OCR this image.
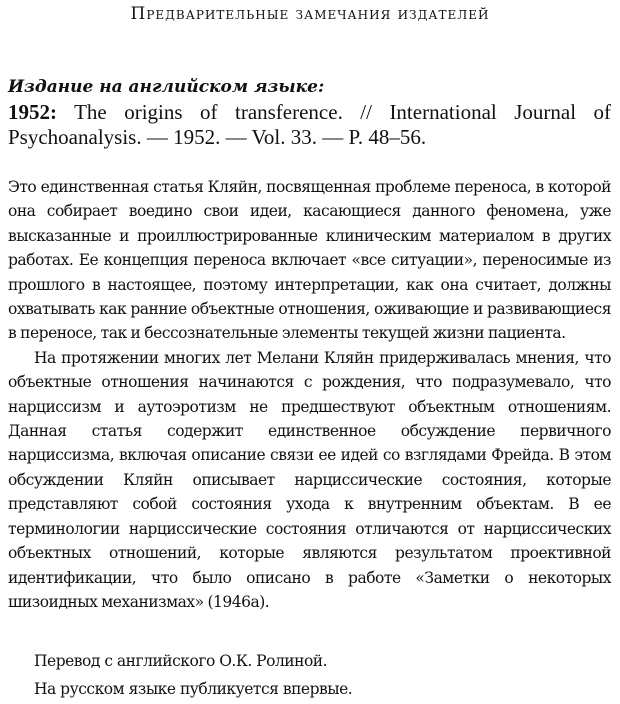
Предварительные замечания издателей
Издание на английском языке:
1952: The origins of transference. // International Journal of Psychoanalysis. — 1952. — Vol. 33. — P. 48–56.

Это единственная статья Кляйн, посвященная проблеме переноса, в которой она собирает воедино свои идеи, касающиеся данного феномена, уже высказанные и проиллюстрированные клиническим материалом в других работах. Ее концепция переноса включает «все ситуации», переносимые из прошлого в настоящее, поэтому интерпретации, как она считает, должны охватывать как ранние объектные отношения, оживающие и развивающиеся в переносе, так и бессознательные элементы текущей жизни пациента.

На протяжении многих лет Мелани Кляйн придерживалась мнения, что объектные отношения начинаются с рождения, что подразумевало, что нарциссизм и аутоэротизм не предшествуют объектным отношениям. Данная статья содержит единственное обсуждение первичного нарциссизма, включая описание связи ее идей со взглядами Фрейда. В этом обсуждении Кляйн описывает нарциссические состояния, которые представляют собой состояния ухода к внутренним объектам. В ее терминологии нарциссические состояния отличаются от нарциссических объектных отношений, которые являются результатом проективной идентификации, что было описано в работе «Заметки о некоторых шизоидных механизмах» (1946a).

Перевод с английского О.К. Ролиной.
На русском языке публикуется впервые.
